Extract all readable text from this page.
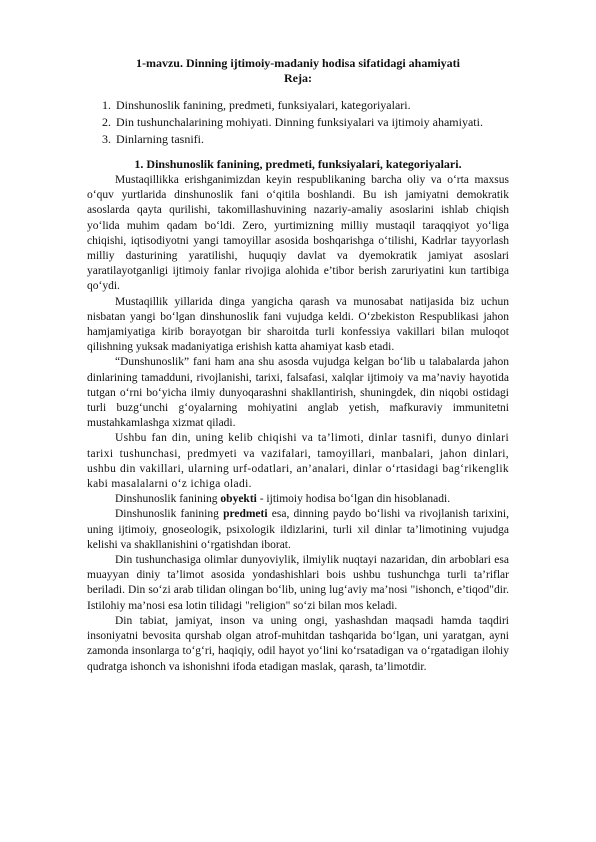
1-mavzu. Dinning ijtimoiy-madaniy hodisa sifatidagi ahamiyati
Reja:
1. Dinshunoslik fanining, predmeti, funksiyalari, kategoriyalari.
2. Din tushunchalarining mohiyati. Dinning funksiyalari va ijtimoiy ahamiyati.
3. Dinlarning tasnifi.
1. Dinshunoslik fanining, predmeti, funksiyalari, kategoriyalari.

Mustaqillikka erishganimizdan keyin respublikaning barcha oliy va o‘rta maxsus o‘quv yurtlarida dinshunoslik fani o‘qitila boshlandi. Bu ish jamiyatni demokratik asoslarda qayta qurilishi, takomillashuvining nazariy-amaliy asoslarini ishlab chiqish yo‘lida muhim qadam bo‘ldi. Zero, yurtimizning milliy mustaqil taraqqiyot yo‘liga chiqishi, iqtisodiyotni yangi tamoyillar asosida boshqarishga o‘tilishi, Kadrlar tayyorlash milliy dasturining yaratilishi, huquqiy davlat va dyemokratik jamiyat asoslari yaratilayotganligi ijtimoiy fanlar rivojiga alohida e’tibor berish zaruriyatini kun tartibiga qo‘ydi.

Mustaqillik yillarida dinga yangicha qarash va munosabat natijasida biz uchun nisbatan yangi bo‘lgan dinshunoslik fani vujudga keldi. O‘zbekiston Respublikasi jahon hamjamiyatiga kirib borayotgan bir sharoitda turli konfessiya vakillari bilan muloqot qilishning yuksak madaniyatiga erishish katta ahamiyat kasb etadi.

“Dunshunoslik” fani ham ana shu asosda vujudga kelgan bo‘lib u talabalarda jahon dinlarining tamadduni, rivojlanishi, tarixi, falsafasi, xalqlar ijtimoiy va ma’naviy hayotida tutgan o‘rni bo‘yicha ilmiy dunyoqarashni shakllantirish, shuningdek, din niqobi ostidagi turli buzg‘unchi g‘oyalarning mohiyatini anglab yetish, mafkuraviy immunitetni mustahkamlashga xizmat qiladi.

Ushbu fan din, uning kelib chiqishi va ta’limoti, dinlar tasnifi, dunyo dinlari tarixi tushunchasi, predmyeti va vazifalari, tamoyillari, manbalari, jahon dinlari, ushbu din vakillari, ularning urf-odatlari, an’analari, dinlar o‘rtasidagi bag‘rikenglik kabi masalalarni o‘z ichiga oladi.

Dinshunoslik fanining obyekti - ijtimoiy hodisa bo‘lgan din hisoblanadi.

Dinshunoslik fanining predmeti esa, dinning paydo bo‘lishi va rivojlanish tarixini, uning ijtimoiy, gnoseologik, psixologik ildizlarini, turli xil dinlar ta’limotining vujudga kelishi va shakllanishini o‘rgatishdan iborat.

Din tushunchasiga olimlar dunyoviylik, ilmiylik nuqtayi nazaridan, din arboblari esa muayyan diniy ta’limot asosida yondashishlari bois ushbu tushunchga turli ta’riflar beriladi. Din so‘zi arab tilidan olingan bo‘lib, uning lug‘aviy ma’nosi "ishonch, e’tiqod"dir. Istilohiy ma’nosi esa lotin tilidagi "religion" so‘zi bilan mos keladi.

Din tabiat, jamiyat, inson va uning ongi, yashashdan maqsadi hamda taqdiri insoniyatni bevosita qurshab olgan atrof-muhitdan tashqarida bo‘lgan, uni yaratgan, ayni zamonda insonlarga to‘g‘ri, haqiqiy, odil hayot yo‘lini ko‘rsatadigan va o‘rgatadigan ilohiy qudratga ishonch va ishonishni ifoda etadigan maslak, qarash, ta’limotdir.
